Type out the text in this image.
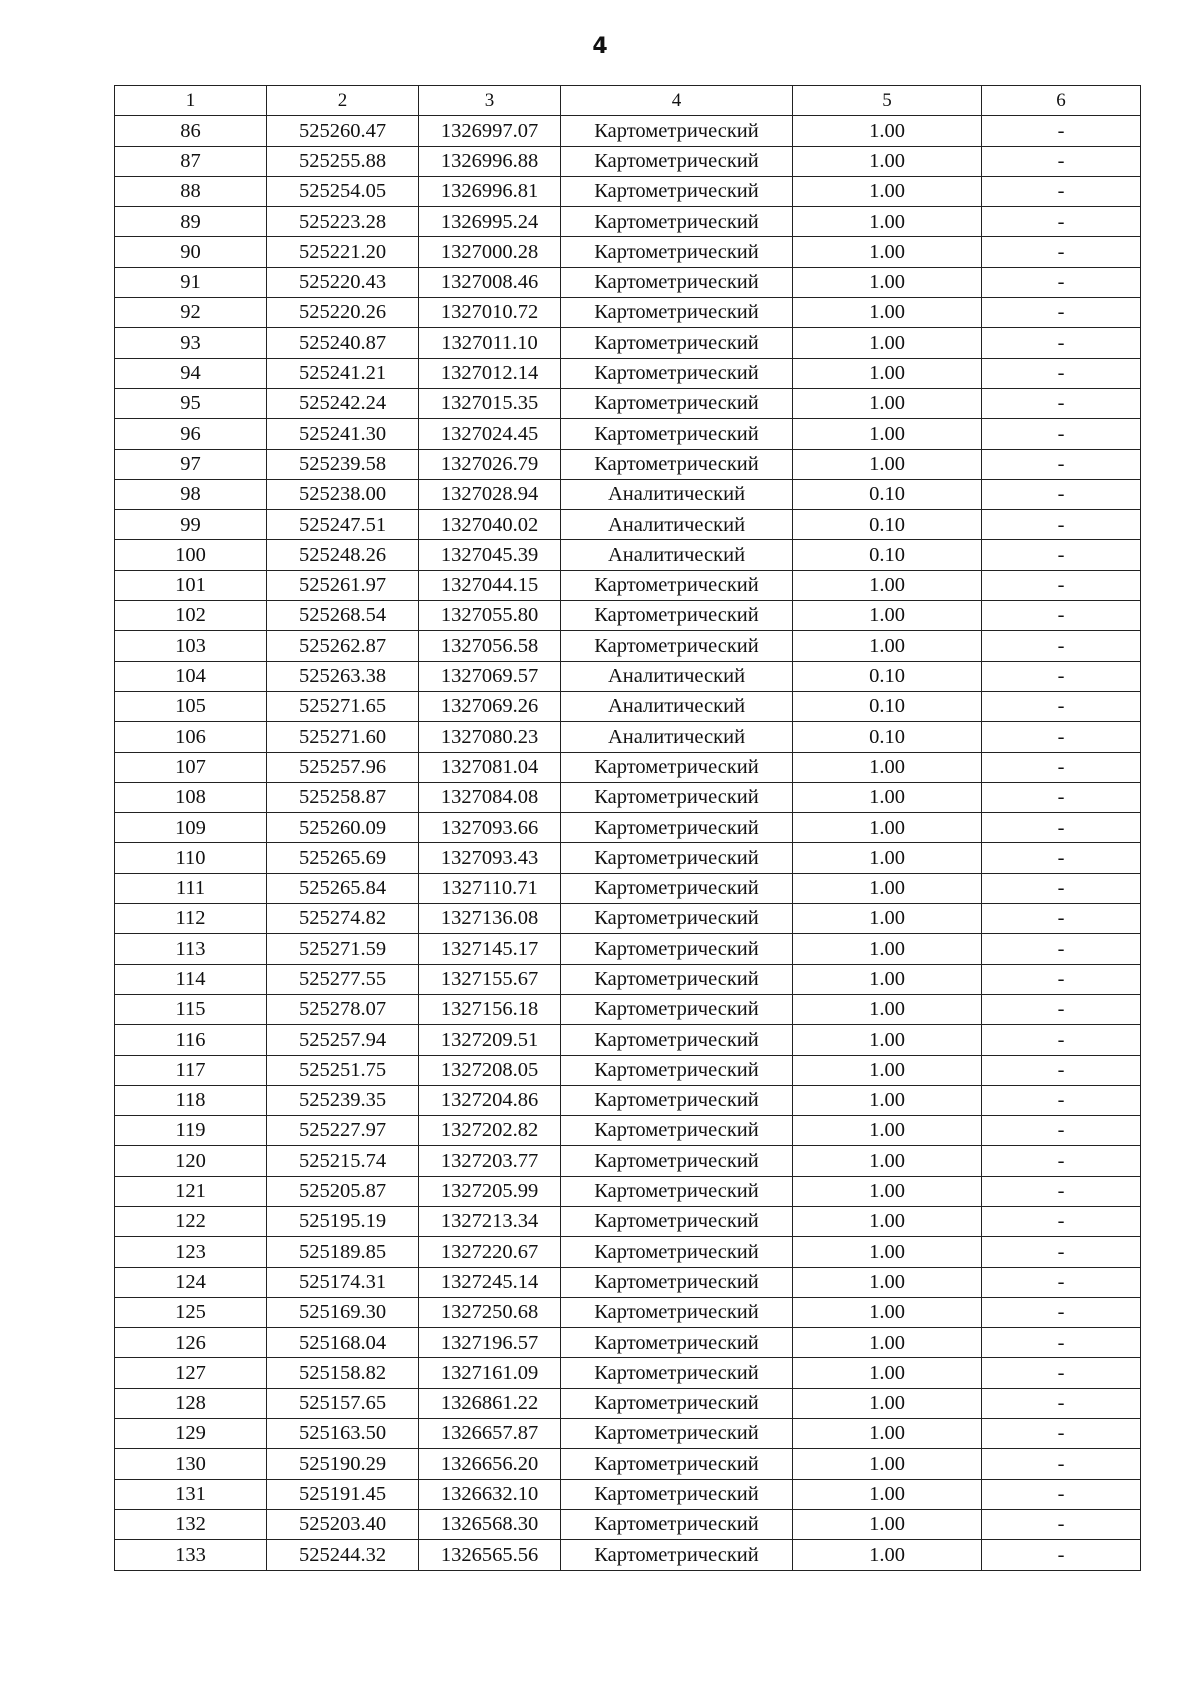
4
1	2	3	4	5	6
86	525260.47	1326997.07	Картометрический	1.00	-
87	525255.88	1326996.88	Картометрический	1.00	-
88	525254.05	1326996.81	Картометрический	1.00	-
89	525223.28	1326995.24	Картометрический	1.00	-
90	525221.20	1327000.28	Картометрический	1.00	-
91	525220.43	1327008.46	Картометрический	1.00	-
92	525220.26	1327010.72	Картометрический	1.00	-
93	525240.87	1327011.10	Картометрический	1.00	-
94	525241.21	1327012.14	Картометрический	1.00	-
95	525242.24	1327015.35	Картометрический	1.00	-
96	525241.30	1327024.45	Картометрический	1.00	-
97	525239.58	1327026.79	Картометрический	1.00	-
98	525238.00	1327028.94	Аналитический	0.10	-
99	525247.51	1327040.02	Аналитический	0.10	-
100	525248.26	1327045.39	Аналитический	0.10	-
101	525261.97	1327044.15	Картометрический	1.00	-
102	525268.54	1327055.80	Картометрический	1.00	-
103	525262.87	1327056.58	Картометрический	1.00	-
104	525263.38	1327069.57	Аналитический	0.10	-
105	525271.65	1327069.26	Аналитический	0.10	-
106	525271.60	1327080.23	Аналитический	0.10	-
107	525257.96	1327081.04	Картометрический	1.00	-
108	525258.87	1327084.08	Картометрический	1.00	-
109	525260.09	1327093.66	Картометрический	1.00	-
110	525265.69	1327093.43	Картометрический	1.00	-
111	525265.84	1327110.71	Картометрический	1.00	-
112	525274.82	1327136.08	Картометрический	1.00	-
113	525271.59	1327145.17	Картометрический	1.00	-
114	525277.55	1327155.67	Картометрический	1.00	-
115	525278.07	1327156.18	Картометрический	1.00	-
116	525257.94	1327209.51	Картометрический	1.00	-
117	525251.75	1327208.05	Картометрический	1.00	-
118	525239.35	1327204.86	Картометрический	1.00	-
119	525227.97	1327202.82	Картометрический	1.00	-
120	525215.74	1327203.77	Картометрический	1.00	-
121	525205.87	1327205.99	Картометрический	1.00	-
122	525195.19	1327213.34	Картометрический	1.00	-
123	525189.85	1327220.67	Картометрический	1.00	-
124	525174.31	1327245.14	Картометрический	1.00	-
125	525169.30	1327250.68	Картометрический	1.00	-
126	525168.04	1327196.57	Картометрический	1.00	-
127	525158.82	1327161.09	Картометрический	1.00	-
128	525157.65	1326861.22	Картометрический	1.00	-
129	525163.50	1326657.87	Картометрический	1.00	-
130	525190.29	1326656.20	Картометрический	1.00	-
131	525191.45	1326632.10	Картометрический	1.00	-
132	525203.40	1326568.30	Картометрический	1.00	-
133	525244.32	1326565.56	Картометрический	1.00	-
